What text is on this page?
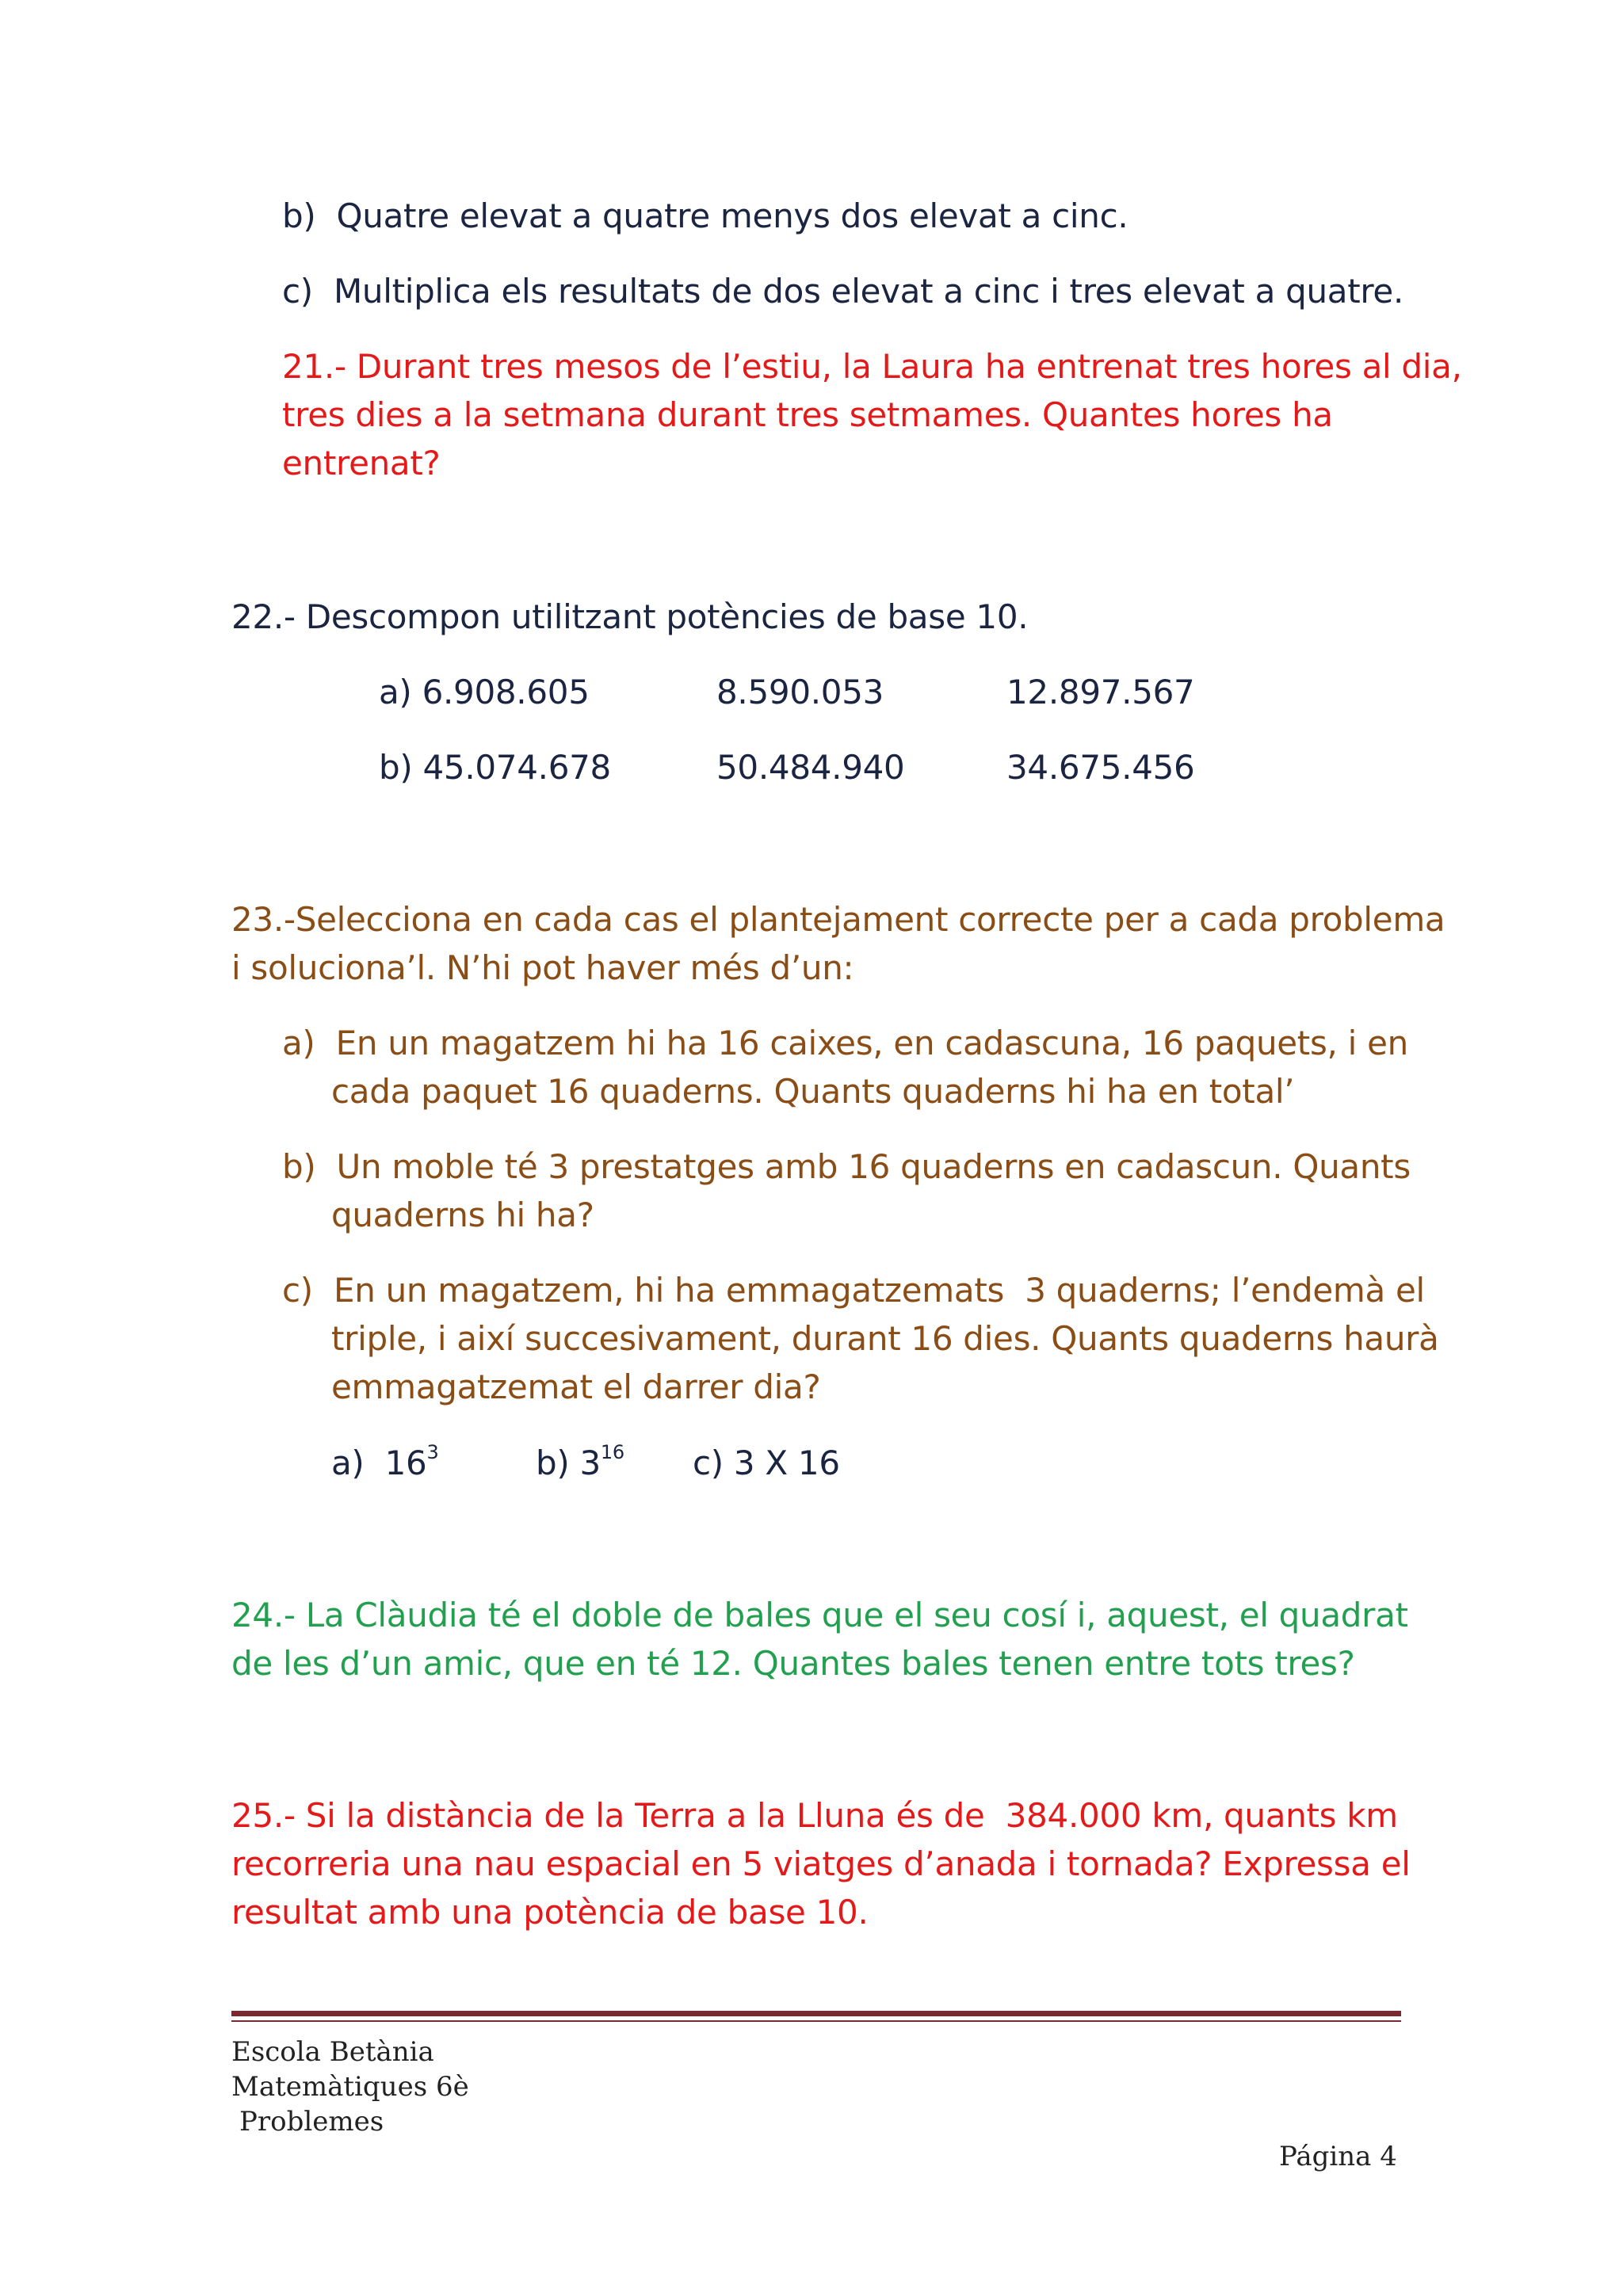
b)  Quatre elevat a quatre menys dos elevat a cinc.
c)  Multiplica els resultats de dos elevat a cinc i tres elevat a quatre.
21.- Durant tres mesos de l’estiu, la Laura ha entrenat tres hores al dia,
tres dies a la setmana durant tres setmames. Quantes hores ha
entrenat?
22.- Descompon utilitzant potències de base 10.
a) 6.908.605	8.590.053	12.897.567
b) 45.074.678	50.484.940	34.675.456
23.-Selecciona en cada cas el plantejament correcte per a cada problema
i soluciona’l. N’hi pot haver més d’un:
a)  En un magatzem hi ha 16 caixes, en cadascuna, 16 paquets, i en
cada paquet 16 quaderns. Quants quaderns hi ha en total’
b)  Un moble té 3 prestatges amb 16 quaderns en cadascun. Quants
quaderns hi ha?
c)  En un magatzem, hi ha emmagatzemats  3 quaderns; l’endemà el
triple, i així succesivament, durant 16 dies. Quants quaderns haurà
emmagatzemat el darrer dia?
a)  $16^3$	b) $3^{16}$ c) 3 X 16
24.- La Clàudia té el doble de bales que el seu cosí i, aquest, el quadrat
de les d’un amic, que en té 12. Quantes bales tenen entre tots tres?
25.- Si la distància de la Terra a la Lluna és de  384.000 km, quants km
recorreria una nau espacial en 5 viatges d’anada i tornada? Expressa el
resultat amb una potència de base 10.
Escola Betània
Matemàtiques 6è
Problemes
Página 4
